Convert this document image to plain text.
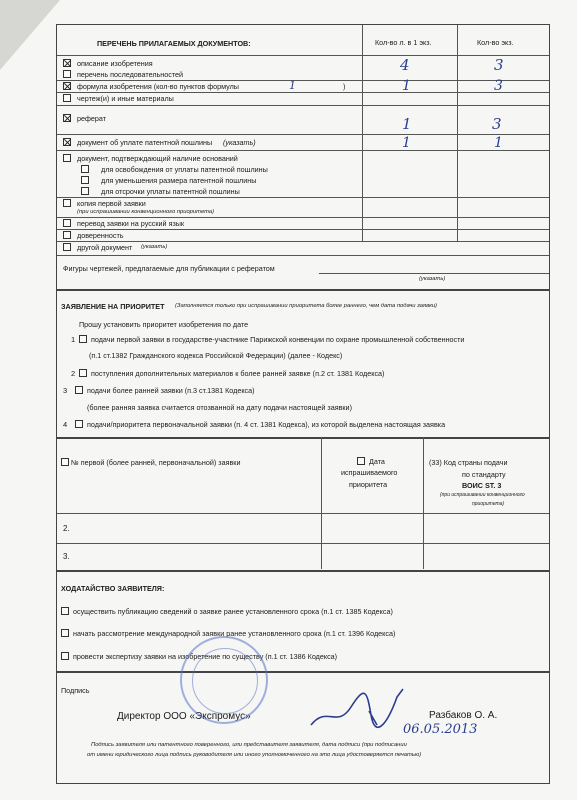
ПЕРЕЧЕНЬ ПРИЛАГАЕМЫХ ДОКУМЕНТОВ:	Кол-во л. в 1 экз.	Кол-во экз.
описание изобретения	4	3
перечень последовательностей
формула изобретения (кол-во пунктов формулы	1	)	1	3
чертеж(и) и иные материалы
реферат	1	3
документ об уплате патентной пошлины (указать)	1	1
документ, подтверждающий наличие оснований
для освобождения от уплаты патентной пошлины
для уменьшения размера патентной пошлины
для отсрочки уплаты патентной пошлины
копия первой заявки
(при испрашивании конвенционного приоритета)
перевод заявки на русский язык
доверенность
другой документ (указать)
Фигуры чертежей, предлагаемые для публикации с рефератом
(указать)
ЗАЯВЛЕНИЕ НА ПРИОРИТЕТ (Заполняется только при испрашивании приоритета более раннего, чем дата подачи заявки)
Прошу установить приоритет изобретения по дате
1 подачи первой заявки в государстве-участнике Парижской конвенции по охране промышленной собственности
(п.1 ст.1382 Гражданского кодекса Российской Федерации) (далее - Кодекс)
2 поступления дополнительных материалов к более ранней заявке (п.2 ст. 1381 Кодекса)
3	подачи более ранней заявки (п.3 ст.1381 Кодекса)
(более ранняя заявка считается отозванной на дату подачи настоящей заявки)
4	подачи/приоритета первоначальной заявки (п. 4 ст. 1381 Кодекса), из которой выделена настоящая заявка
№ первой (более ранней, первоначальной) заявки	Дата
испрашиваемого
приоритета
(33) Код страны подачи
по стандарту
ВОИС ST. 3
(при испрашивании конвенционного
приоритета)
2.
3.
ХОДАТАЙСТВО ЗАЯВИТЕЛЯ:
осуществить публикацию сведений о заявке ранее установленного срока (п.1 ст. 1385 Кодекса)
начать рассмотрение международной заявки ранее установленного срока (п.1 ст. 1396 Кодекса)
провести экспертизу заявки на изобретение по существу (п.1 ст. 1386 Кодекса)
Подпись
Директор ООО «Экспромус»	Разбаков О. А.
06.05.2013
Подпись заявителя или патентного поверенного, или представителя заявителя, дата подписи (при подписании
от имени юридического лица подпись руководителя или иного уполномоченного на это лица удостоверяется печатью)
